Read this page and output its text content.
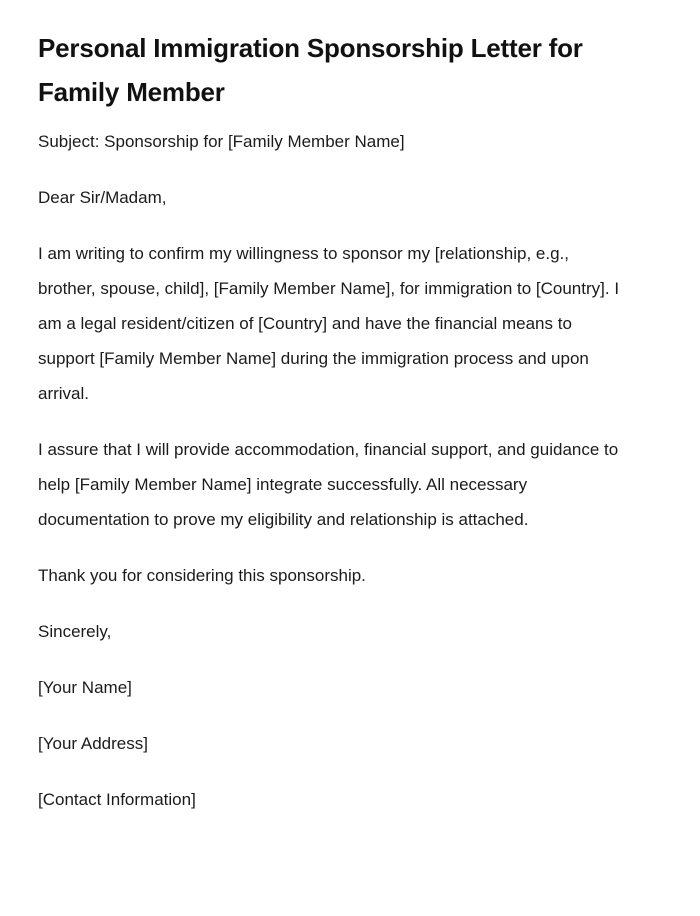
Personal Immigration Sponsorship Letter for Family Member

Subject: Sponsorship for [Family Member Name]

Dear Sir/Madam,

I am writing to confirm my willingness to sponsor my [relationship, e.g., brother, spouse, child], [Family Member Name], for immigration to [Country]. I am a legal resident/citizen of [Country] and have the financial means to support [Family Member Name] during the immigration process and upon arrival.

I assure that I will provide accommodation, financial support, and guidance to help [Family Member Name] integrate successfully. All necessary documentation to prove my eligibility and relationship is attached.

Thank you for considering this sponsorship.

Sincerely,

[Your Name]

[Your Address]

[Contact Information]
